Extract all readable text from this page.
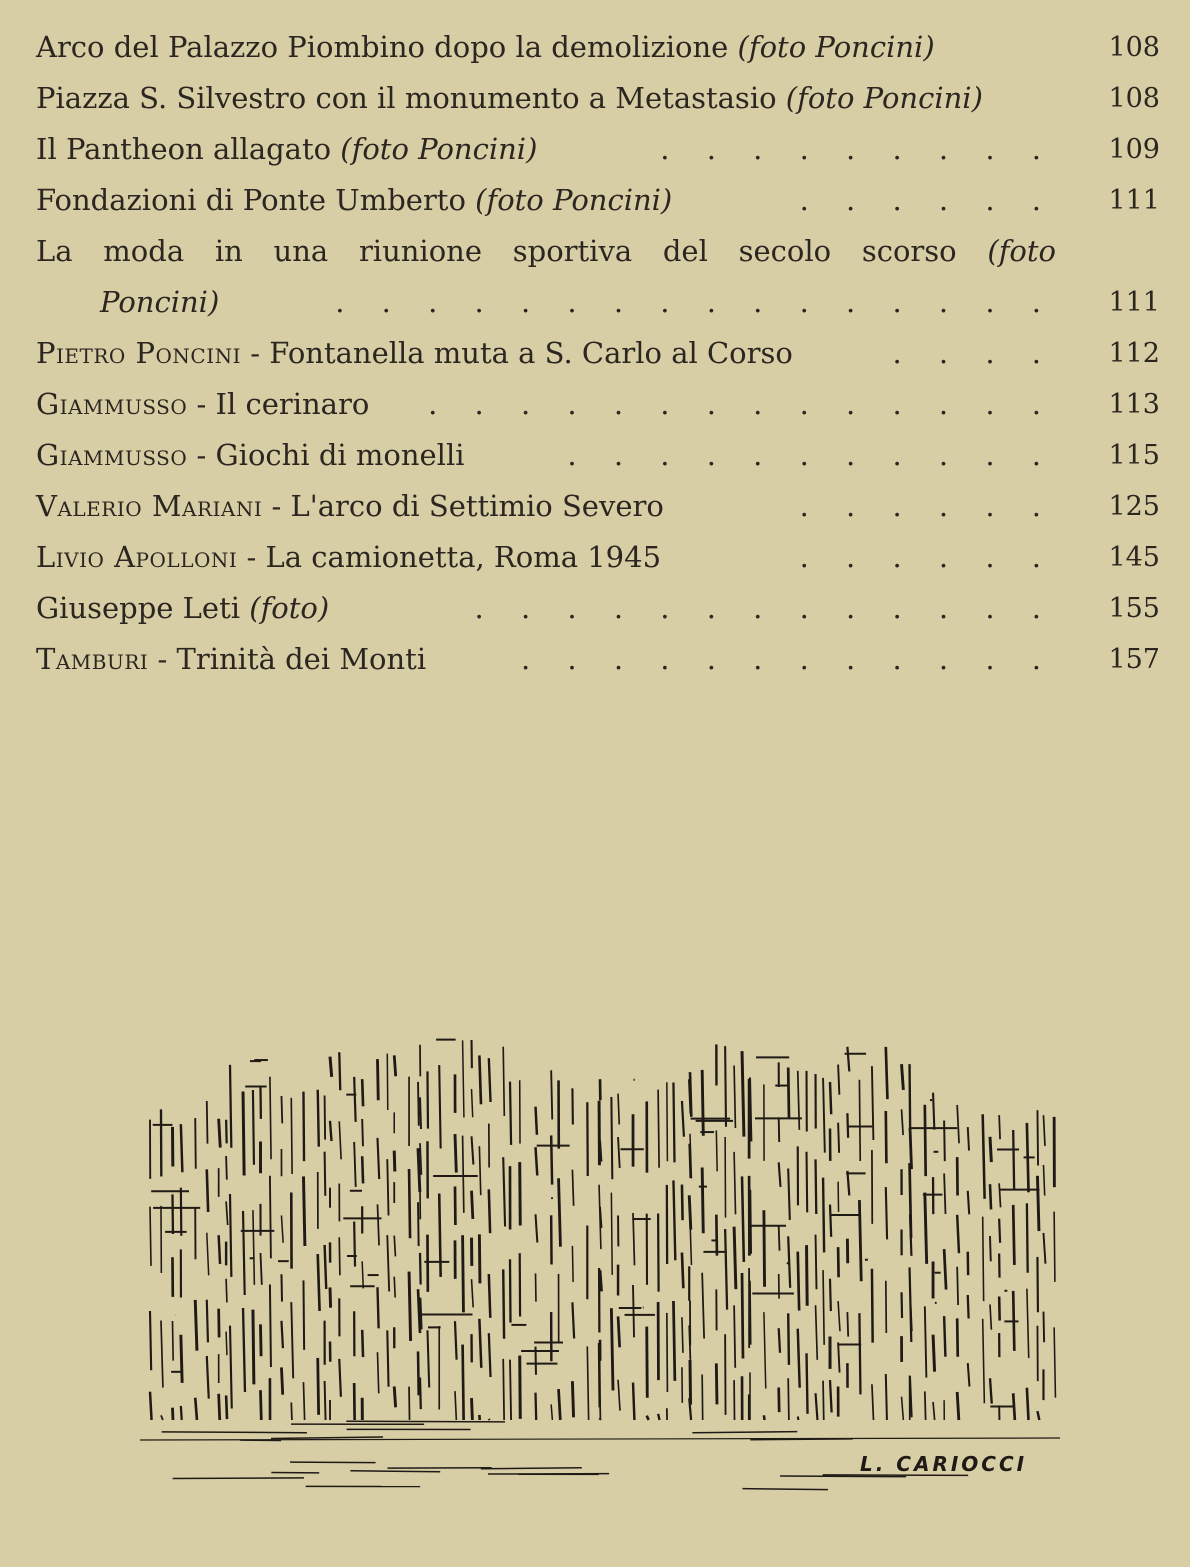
Arco del Palazzo Piombino dopo la demolizione (foto Poncini)	108
Piazza S. Silvestro con il monumento a Metastasio (foto Poncini)	108
Il Pantheon allagato (foto Poncini)	. . . . . . . . . 109
Fondazioni di Ponte Umberto (foto Poncini)	. . . . . . 111
La moda in una riunione sportiva del secolo scorso (foto
Poncini)	. . . . . . . . . . . . . . . . 111
Pietro Poncini - Fontanella muta a S. Carlo al Corso	. . . . 112
Giammusso - Il cerinaro . . . . . . . . . . . . . . 113
Giammusso - Giochi di monelli	. . . . . . . . . . . 115
Valerio Mariani - L'arco di Settimio Severo	. . . . . . 125
Livio Apolloni - La camionetta, Roma 1945	. . . . . . 145
Giuseppe Leti (foto)	. . . . . . . . . . . . . 155
Tamburi - Trinità dei Monti	. . . . . . . . . . . . 157
L. CARIOCCI
